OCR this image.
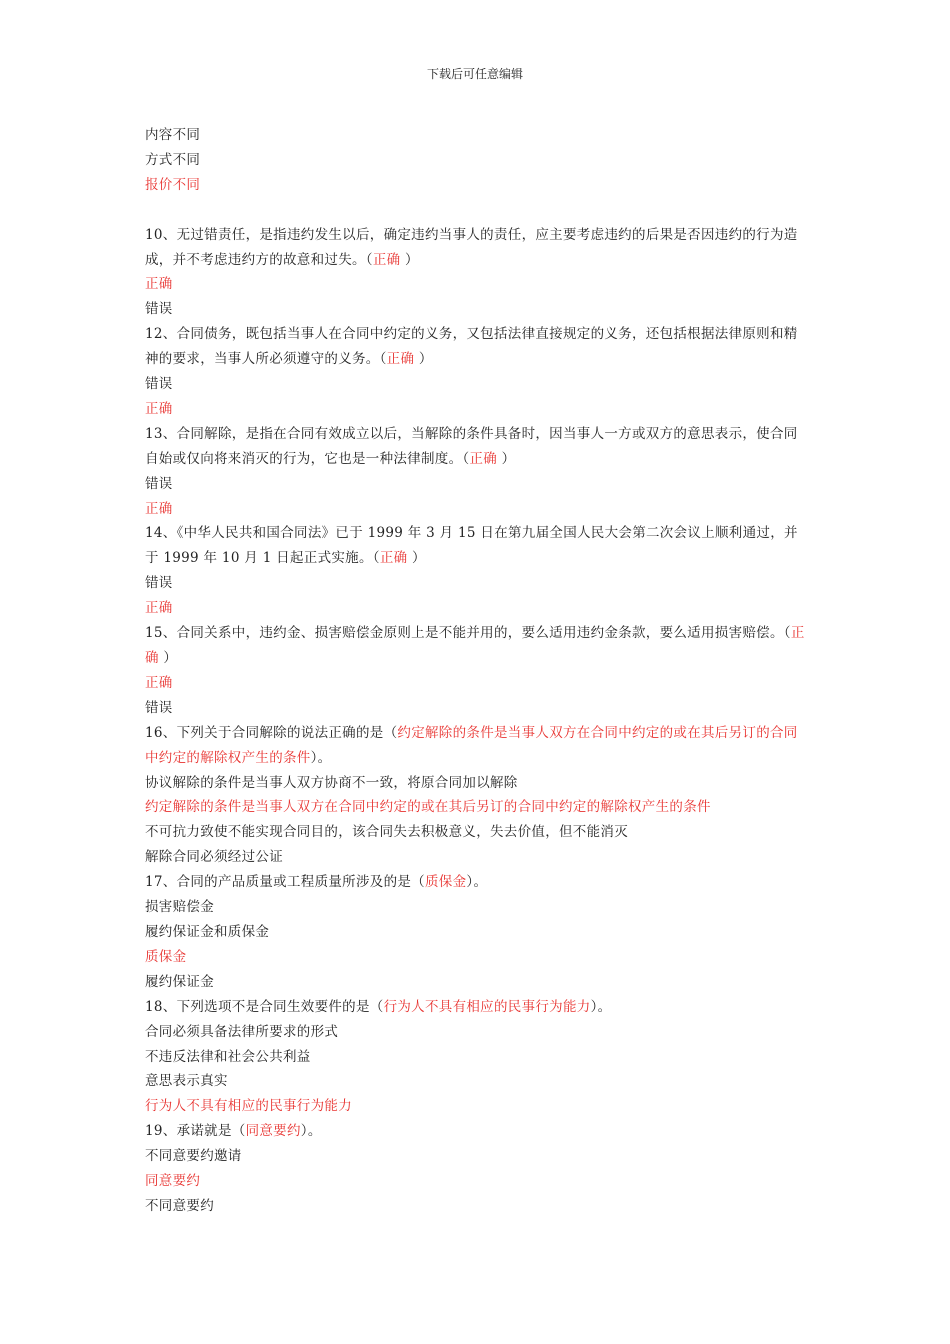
下载后可任意编辑
内容不同
方式不同
报价不同
10、无过错责任，是指违约发生以后，确定违约当事人的责任，应主要考虑违约的后果是否因违约的行为造成，并不考虑违约方的故意和过失。（正确 ）
正确
错误
12、合同债务，既包括当事人在合同中约定的义务，又包括法律直接规定的义务，还包括根据法律原则和精神的要求，当事人所必须遵守的义务。（正确 ）
错误
正确
13、合同解除，是指在合同有效成立以后，当解除的条件具备时，因当事人一方或双方的意思表示，使合同自始或仅向将来消灭的行为，它也是一种法律制度。（正确 ）
错误
正确
14、《中华人民共和国合同法》已于 1999 年 3 月 15 日在第九届全国人民大会第二次会议上顺利通过，并于 1999 年 10 月 1 日起正式实施。（正确 ）
错误
正确
15、合同关系中，违约金、损害赔偿金原则上是不能并用的，要么适用违约金条款，要么适用损害赔偿。（正确 ）
正确
错误
16、下列关于合同解除的说法正确的是（约定解除的条件是当事人双方在合同中约定的或在其后另订的合同中约定的解除权产生的条件）。
协议解除的条件是当事人双方协商不一致，将原合同加以解除
约定解除的条件是当事人双方在合同中约定的或在其后另订的合同中约定的解除权产生的条件
不可抗力致使不能实现合同目的，该合同失去积极意义，失去价值，但不能消灭
解除合同必须经过公证
17、合同的产品质量或工程质量所涉及的是（质保金）。
损害赔偿金
履约保证金和质保金
质保金
履约保证金
18、下列选项不是合同生效要件的是（行为人不具有相应的民事行为能力）。
合同必须具备法律所要求的形式
不违反法律和社会公共利益
意思表示真实
行为人不具有相应的民事行为能力
19、承诺就是（同意要约）。
不同意要约邀请
同意要约
不同意要约
